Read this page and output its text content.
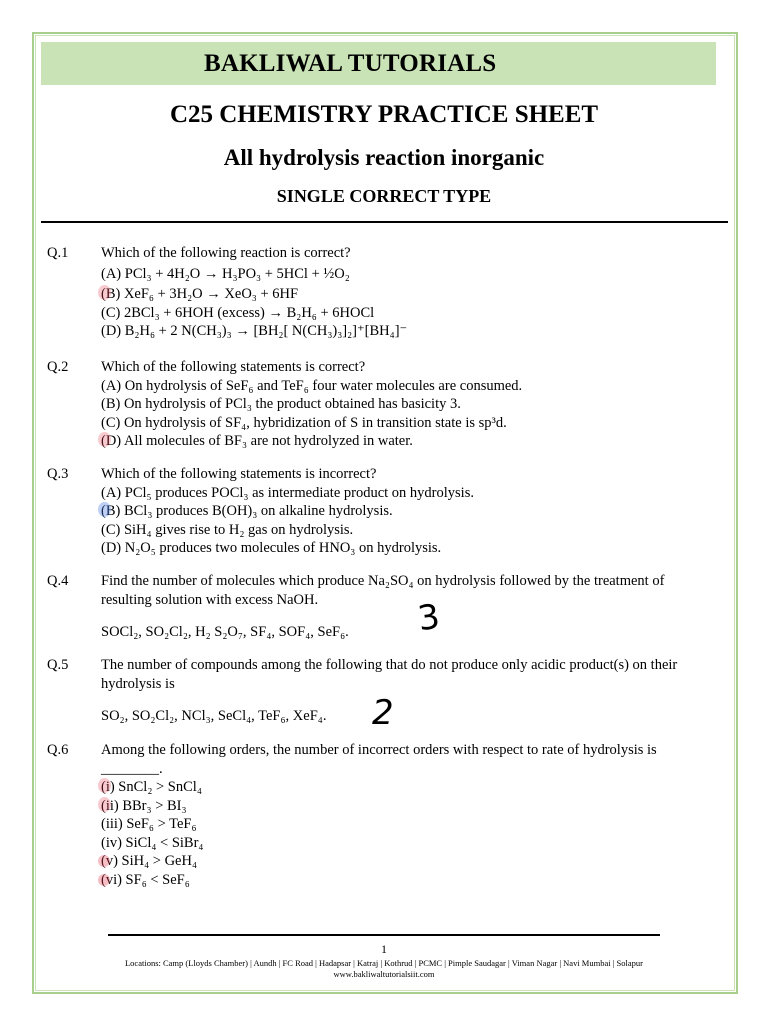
BAKLIWAL TUTORIALS
C25 CHEMISTRY PRACTICE SHEET
All hydrolysis reaction inorganic
SINGLE CORRECT TYPE
Q.1 Which of the following reaction is correct?
(A) PCl₃ + 4H₂O → H₃PO₃ + 5HCl + ½O₂
(B) XeF₆ + 3H₂O → XeO₃ + 6HF
(C) 2BCl₃ + 6HOH (excess) → B₂H₆ + 6HOCl
(D) B₂H₆ + 2 N(CH₃)₃ → [BH₂[ N(CH₃)₃]₂]⁺[BH₄]⁻
Q.2 Which of the following statements is correct?
(A) On hydrolysis of SeF₆ and TeF₆ four water molecules are consumed.
(B) On hydrolysis of PCl₃ the product obtained has basicity 3.
(C) On hydrolysis of SF₄, hybridization of S in transition state is sp³d.
(D) All molecules of BF₃ are not hydrolyzed in water.
Q.3 Which of the following statements is incorrect?
(A) PCl₅ produces POCl₃ as intermediate product on hydrolysis.
(B) BCl₃ produces B(OH)₃ on alkaline hydrolysis.
(C) SiH₄ gives rise to H₂ gas on hydrolysis.
(D) N₂O₅ produces two molecules of HNO₃ on hydrolysis.
Q.4 Find the number of molecules which produce Na₂SO₄ on hydrolysis followed by the treatment of resulting solution with excess NaOH.
SOCl₂, SO₂Cl₂, H₂ S₂O₇, SF₄, SOF₄, SeF₆.	3
Q.5 The number of compounds among the following that do not produce only acidic product(s) on their hydrolysis is
SO₂, SO₂Cl₂, NCl₃, SeCl₄, TeF₆, XeF₄.	2
Q.6 Among the following orders, the number of incorrect orders with respect to rate of hydrolysis is
________.
(i) SnCl₂ > SnCl₄
(ii) BBr₃ > BI₃
(iii) SeF₆ > TeF₆
(iv) SiCl₄ < SiBr₄
(v) SiH₄ > GeH₄
(vi) SF₆ < SeF₆
1
Locations: Camp (Lloyds Chamber) | Aundh | FC Road | Hadapsar | Katraj | Kothrud | PCMC | Pimple Saudagar | Viman Nagar | Navi Mumbai | Solapur
www.bakliwaltutorialsiit.com
